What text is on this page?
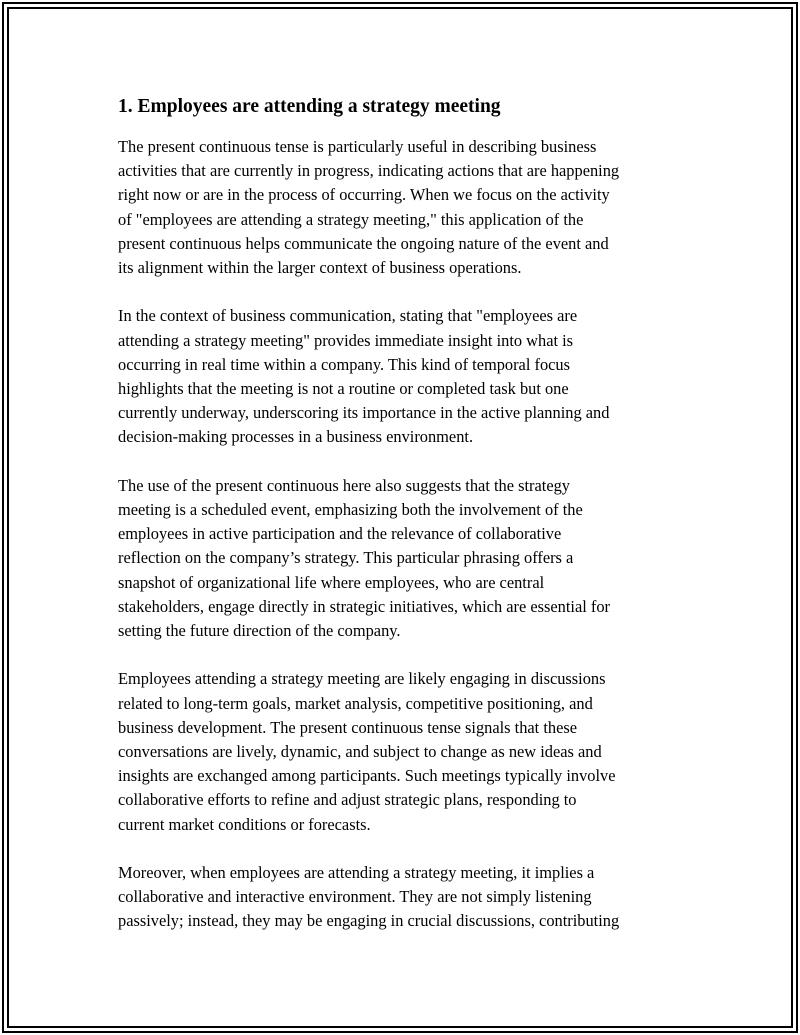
1. Employees are attending a strategy meeting
The present continuous tense is particularly useful in describing business
activities that are currently in progress, indicating actions that are happening
right now or are in the process of occurring. When we focus on the activity
of "employees are attending a strategy meeting," this application of the
present continuous helps communicate the ongoing nature of the event and
its alignment within the larger context of business operations.
In the context of business communication, stating that "employees are
attending a strategy meeting" provides immediate insight into what is
occurring in real time within a company. This kind of temporal focus
highlights that the meeting is not a routine or completed task but one
currently underway, underscoring its importance in the active planning and
decision-making processes in a business environment.
The use of the present continuous here also suggests that the strategy
meeting is a scheduled event, emphasizing both the involvement of the
employees in active participation and the relevance of collaborative
reflection on the company’s strategy. This particular phrasing offers a
snapshot of organizational life where employees, who are central
stakeholders, engage directly in strategic initiatives, which are essential for
setting the future direction of the company.
Employees attending a strategy meeting are likely engaging in discussions
related to long-term goals, market analysis, competitive positioning, and
business development. The present continuous tense signals that these
conversations are lively, dynamic, and subject to change as new ideas and
insights are exchanged among participants. Such meetings typically involve
collaborative efforts to refine and adjust strategic plans, responding to
current market conditions or forecasts.
Moreover, when employees are attending a strategy meeting, it implies a
collaborative and interactive environment. They are not simply listening
passively; instead, they may be engaging in crucial discussions, contributing
